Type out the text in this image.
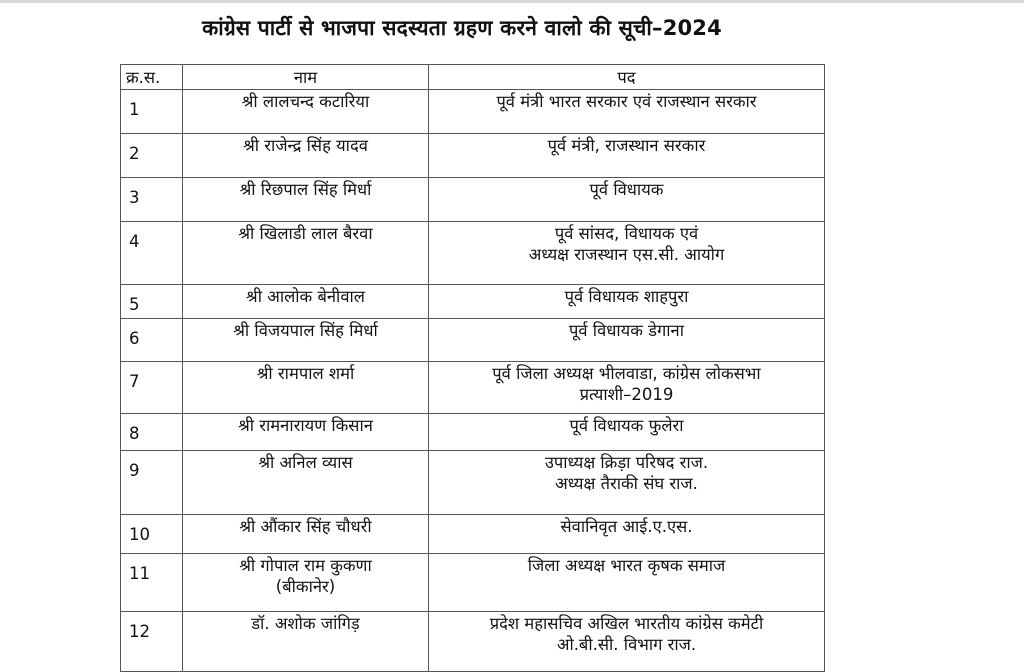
कांग्रेस पार्टी से भाजपा सदस्यता ग्रहण करने वालो की सूची–2024
क्र.स.	नाम	पद
1	श्री लालचन्द कटारिया	पूर्व मंत्री भारत सरकार एवं राजस्थान सरकार

2	श्री राजेन्द्र सिंह यादव	पूर्व मंत्री, राजस्थान सरकार

3	श्री रिछपाल सिंह मिर्धा	पूर्व विधायक

4	श्री खिलाडी लाल बैरवा	पूर्व सांसद, विधायक एवं
अध्यक्ष राजस्थान एस.सी. आयोग

5	श्री आलोक बेनीवाल	पूर्व विधायक शाहपुरा

6	श्री विजयपाल सिंह मिर्धा	पूर्व विधायक डेगाना

7	श्री रामपाल शर्मा	पूर्व जिला अध्यक्ष भीलवाडा, कांग्रेस लोकसभा
प्रत्याशी–2019

8	श्री रामनारायण किसान	पूर्व विधायक फुलेरा

9	श्री अनिल व्यास	उपाध्यक्ष क्रिड़ा परिषद राज.
अध्यक्ष तैराकी संघ राज.

10	श्री औंकार सिंह चौधरी	सेवानिवृत आई.ए.एस.

11	श्री गोपाल राम कुकणा
(बीकानेर)	जिला अध्यक्ष भारत कृषक समाज

12	डॉ. अशोक जांगिड़	प्रदेश महासचिव अखिल भारतीय कांग्रेस कमेटी
ओ.बी.सी. विभाग राज.
